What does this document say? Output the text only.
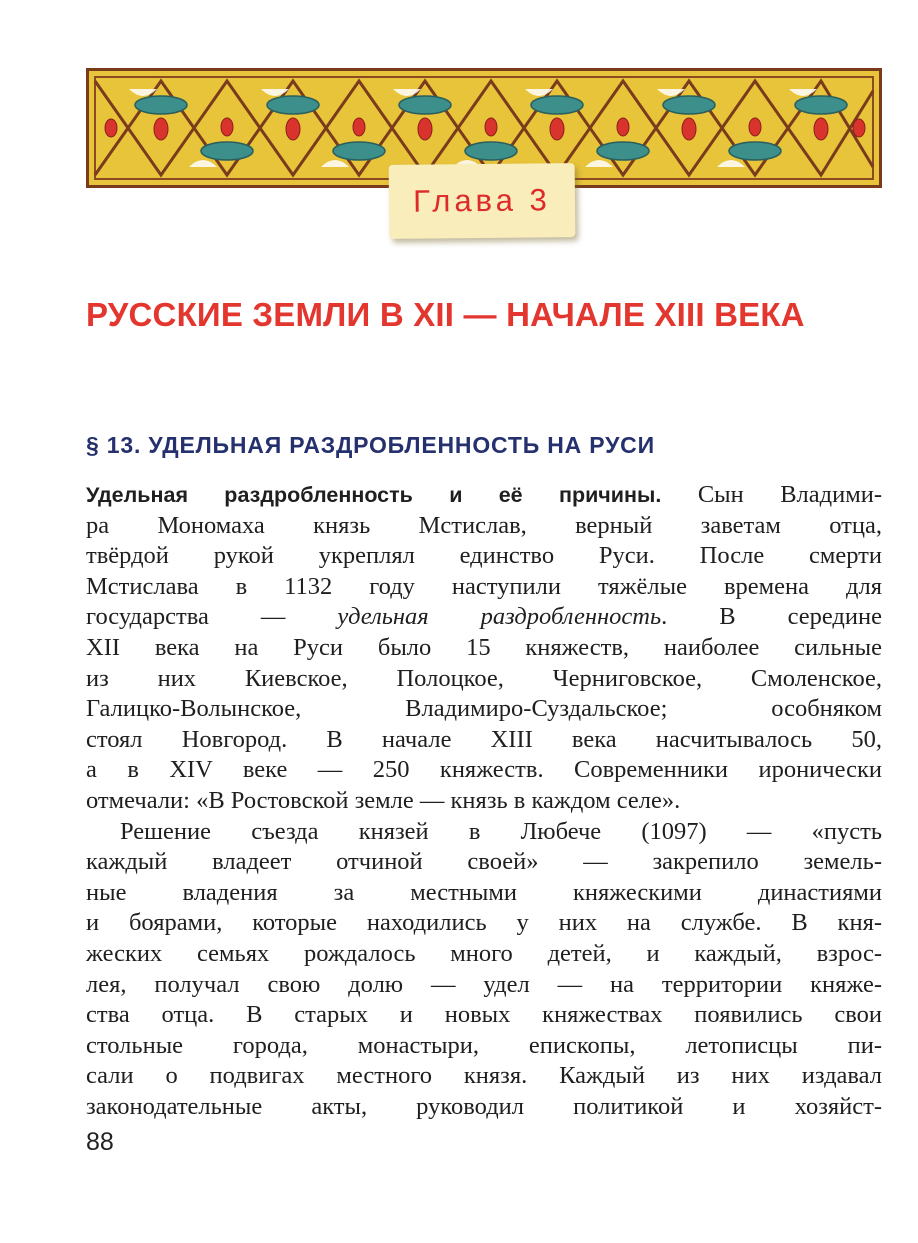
Глава 3
РУССКИЕ ЗЕМЛИ В XII — НАЧАЛЕ XIII ВЕКА
§ 13. УДЕЛЬНАЯ РАЗДРОБЛЕННОСТЬ НА РУСИ
Удельная раздробленность и её причины. Сын Владими-
ра Мономаха князь Мстислав, верный заветам отца,
твёрдой рукой укреплял единство Руси. После смерти
Мстислава в 1132 году наступили тяжёлые времена для
государства — удельная раздробленность. В середине
XII века на Руси было 15 княжеств, наиболее сильные
из них Киевское, Полоцкое, Черниговское, Смоленское,
Галицко-Волынское, Владимиро-Суздальское; особняком
стоял Новгород. В начале XIII века насчитывалось 50,
а в XIV веке — 250 княжеств. Современники иронически
отмечали: «В Ростовской земле — князь в каждом селе».
Решение съезда князей в Любече (1097) — «пусть
каждый владеет отчиной своей» — закрепило земель-
ные владения за местными княжескими династиями
и боярами, которые находились у них на службе. В кня-
жеских семьях рождалось много детей, и каждый, взрос-
лея, получал свою долю — удел — на территории княже-
ства отца. В старых и новых княжествах появились свои
стольные города, монастыри, епископы, летописцы пи-
сали о подвигах местного князя. Каждый из них издавал
законодательные акты, руководил политикой и хозяйст-
88
